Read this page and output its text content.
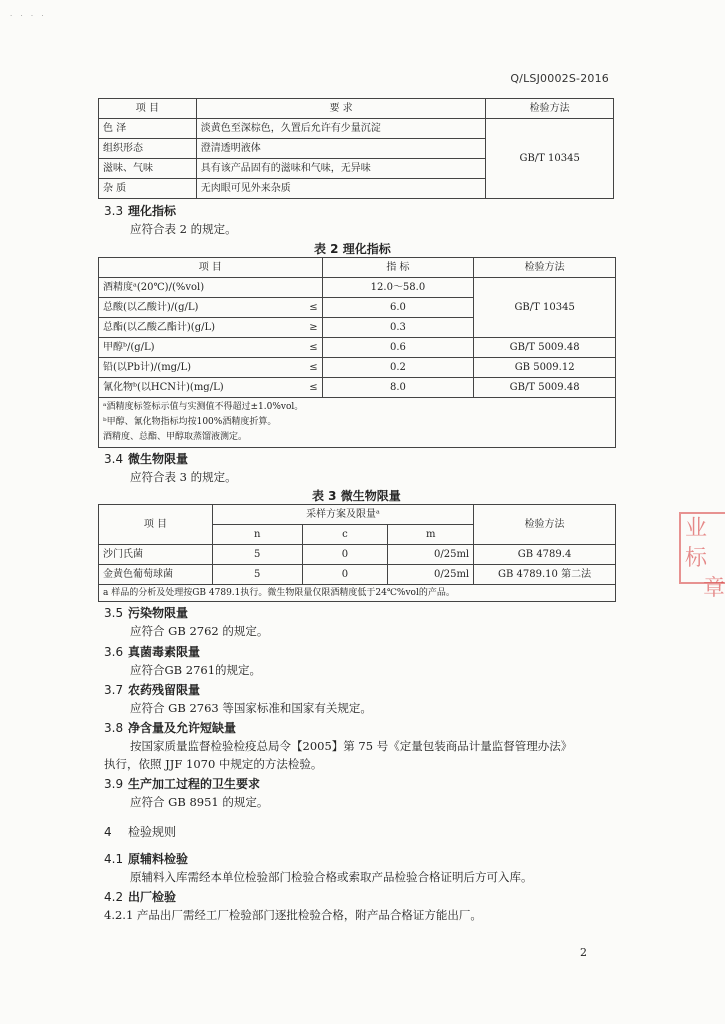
· · · ·
Q/LSJ0002S-2016
项 目	要 求	检验方法
色 泽	淡黄色至深棕色，久置后允许有少量沉淀	GB/T 10345
组织形态	澄清透明液体	
滋味、气味	具有该产品固有的滋味和气味，无异味	
杂 质	无肉眼可见外来杂质	
3.3 理化指标
应符合表 2 的规定。
表 2 理化指标
项 目		指 标	检验方法
酒精度ᵃ(20℃)/(%vol)		12.0～58.0	GB/T 10345
总酸(以乙酸计)/(g/L)	≤	6.0	
总酯(以乙酸乙酯计)(g/L)	≥	0.3	
甲醇ᵇ/(g/L)	≤	0.6	GB/T 5009.48
铅(以Pb计)/(mg/L)	≤	0.2	GB 5009.12
氰化物ᵇ(以HCN计)(mg/L)	≤	8.0	GB/T 5009.48

ᵃ酒精度标签标示值与实测值不得超过±1.0%vol。
ᵇ甲醇、氰化物指标均按100%酒精度折算。
酒精度、总酯、甲醇取蒸馏液测定。			
3.4 微生物限量
应符合表 3 的规定。
表 3 微生物限量
项 目	采样方案及限量ᵃ			检验方法
	n	c	m	
沙门氏菌	5	0	0/25ml	GB 4789.4
金黄色葡萄球菌	5	0	0/25ml	GB 4789.10 第二法
a 样品的分析及处理按GB 4789.1执行。微生物限量仅限酒精度低于24℃%vol的产品。				
3.5 污染物限量
应符合 GB 2762 的规定。
3.6 真菌毒素限量
应符合GB 2761的规定。
3.7 农药残留限量
应符合 GB 2763 等国家标准和国家有关规定。
3.8 净含量及允许短缺量
按国家质量监督检验检疫总局令【2005】第 75 号《定量包装商品计量监督管理办法》
执行，依照 JJF 1070 中规定的方法检验。
3.9 生产加工过程的卫生要求
应符合 GB 8951 的规定。
4 检验规则
4.1 原辅料检验
原辅料入库需经本单位检验部门检验合格或索取产品检验合格证明后方可入库。
4.2 出厂检验
4.2.1 产品出厂需经工厂检验部门逐批检验合格，附产品合格证方能出厂。
2
业标
章
